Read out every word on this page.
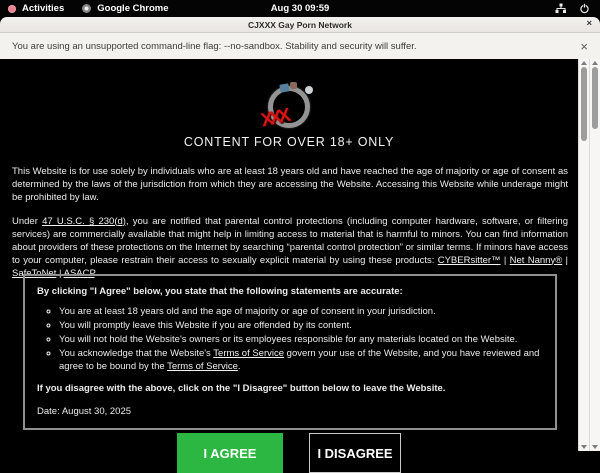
Activities	Google Chrome	Aug 30 09:59
CJXXX Gay Porn Network	×
You are using an unsupported command-line flag: --no-sandbox. Stability and security will suffer.	×
XXX
CONTENT FOR OVER 18+ ONLY

This Website is for use solely by individuals who are at least 18 years old and have reached the age of majority or age of consent as determined by the laws of the jurisdiction from which they are accessing the Website. Accessing this Website while underage might be prohibited by law.

Under 47 U.S.C. § 230(d), you are notified that parental control protections (including computer hardware, software, or filtering services) are commercially available that might help in limiting access to material that is harmful to minors. You can find information about providers of these protections on the Internet by searching “parental control protection” or similar terms. If minors have access to your computer, please restrain their access to sexually explicit material by using these products: CYBERsitter™ | Net Nanny® | SafeToNet | ASACP.

By clicking "I Agree" below, you state that the following statements are accurate:
◦ You are at least 18 years old and the age of majority or age of consent in your jurisdiction.
◦ You will promptly leave this Website if you are offended by its content.
◦ You will not hold the Website's owners or its employees responsible for any materials located on the Website.
◦ You acknowledge that the Website's Terms of Service govern your use of the Website, and you have reviewed and agree to be bound by the Terms of Service.
If you disagree with the above, click on the "I Disagree" button below to leave the Website.
Date: August 30, 2025
I AGREE	I DISAGREE
